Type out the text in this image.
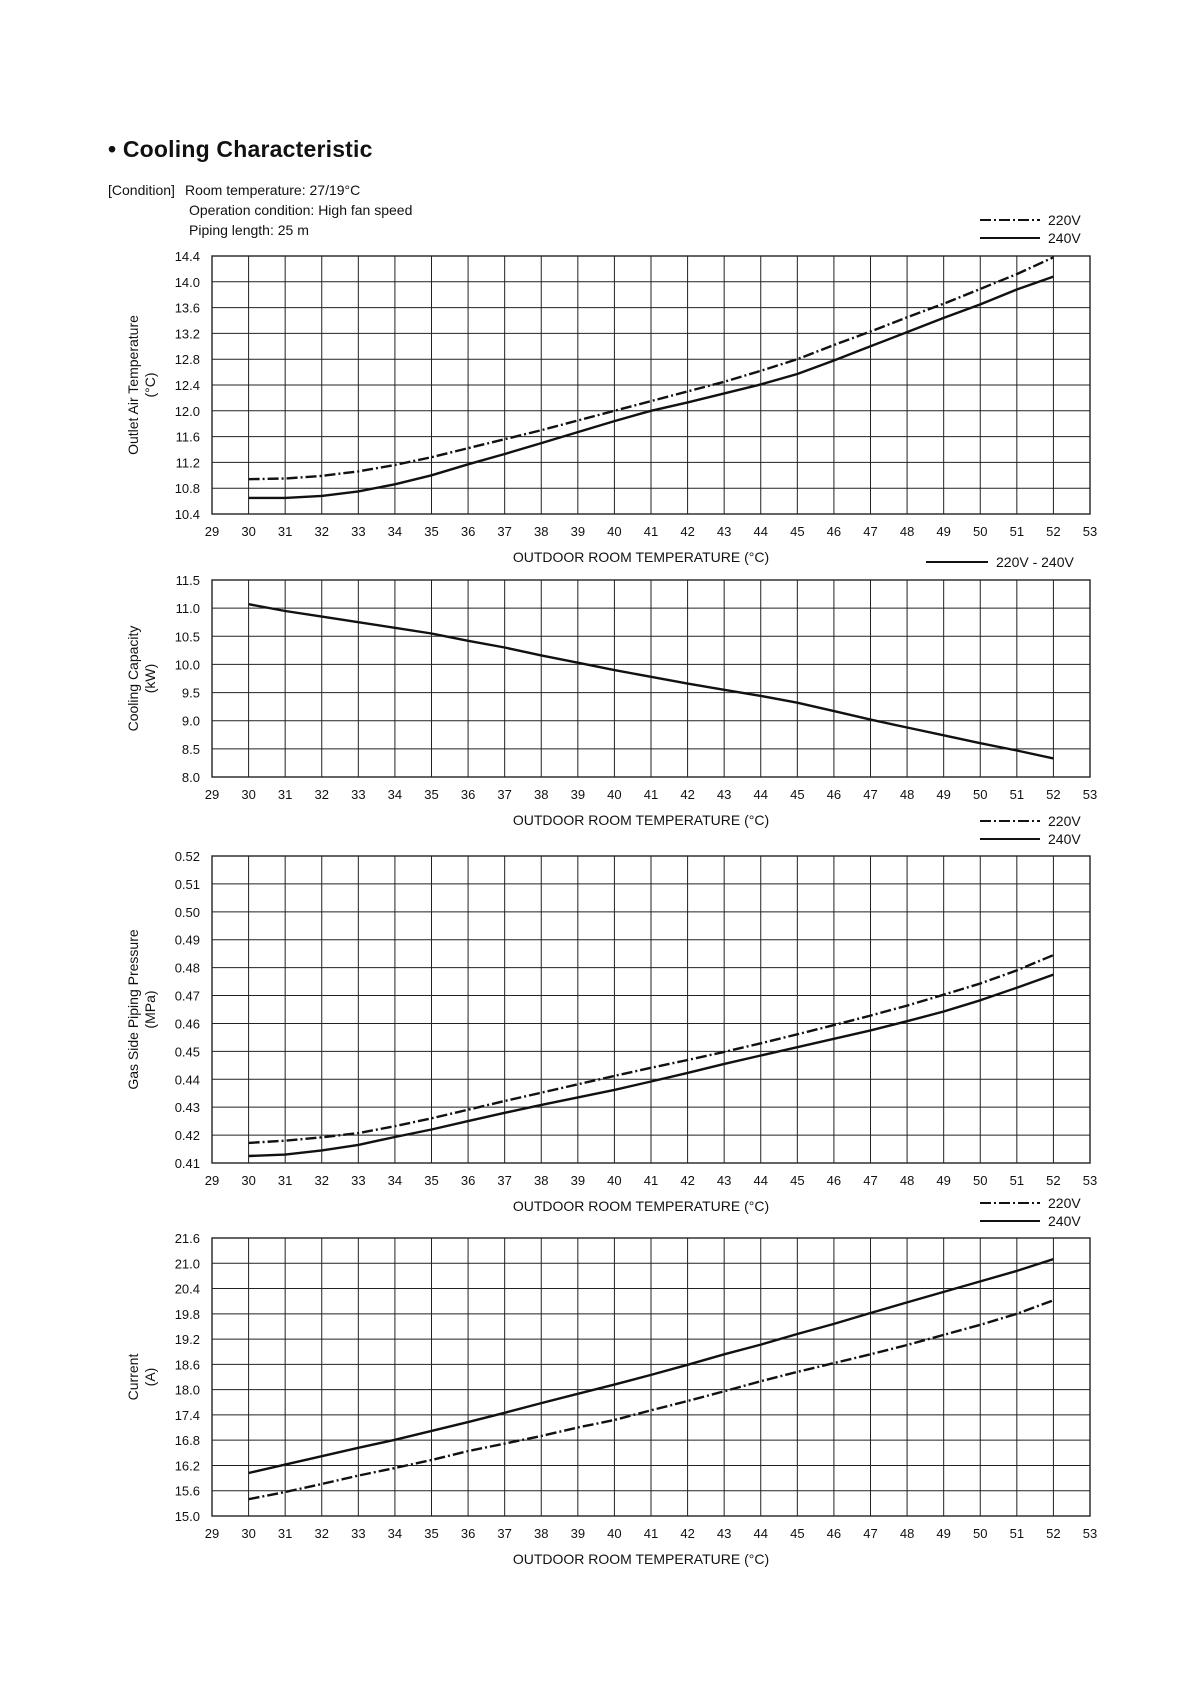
• Cooling Characteristic
[Condition] Room temperature: 27/19°C
Operation condition: High fan speed
Piping length: 25 m
29 30 31 32 33 34 35 36 37 38 39 40 41 42 43 44 45 46 47 48 49 50 51 52 53
10.4
10.8
11.2
11.6
12.0
12.4
12.8
13.2
13.6
14.0
14.4
OUTDOOR ROOM TEMPERATURE (°C)
Outlet Air Temperature (°C)
220V
240V
29 30 31 32 33 34 35 36 37 38 39 40 41 42 43 44 45 46 47 48 49 50 51 52 53
8.0
8.5
9.0
9.5
10.0
10.5
11.0
11.5
OUTDOOR ROOM TEMPERATURE (°C)
Cooling Capacity (kW)
220V - 240V
29 30 31 32 33 34 35 36 37 38 39 40 41 42 43 44 45 46 47 48 49 50 51 52 53
0.41
0.42
0.43
0.44
0.45
0.46
0.47
0.48
0.49
0.50
0.51
0.52
OUTDOOR ROOM TEMPERATURE (°C)
Gas Side Piping Pressure (MPa)
220V
240V
29 30 31 32 33 34 35 36 37 38 39 40 41 42 43 44 45 46 47 48 49 50 51 52 53
15.0
15.6
16.2
16.8
17.4
18.0
18.6
19.2
19.8
20.4
21.0
21.6
OUTDOOR ROOM TEMPERATURE (°C)
Current (A)
220V
240V
